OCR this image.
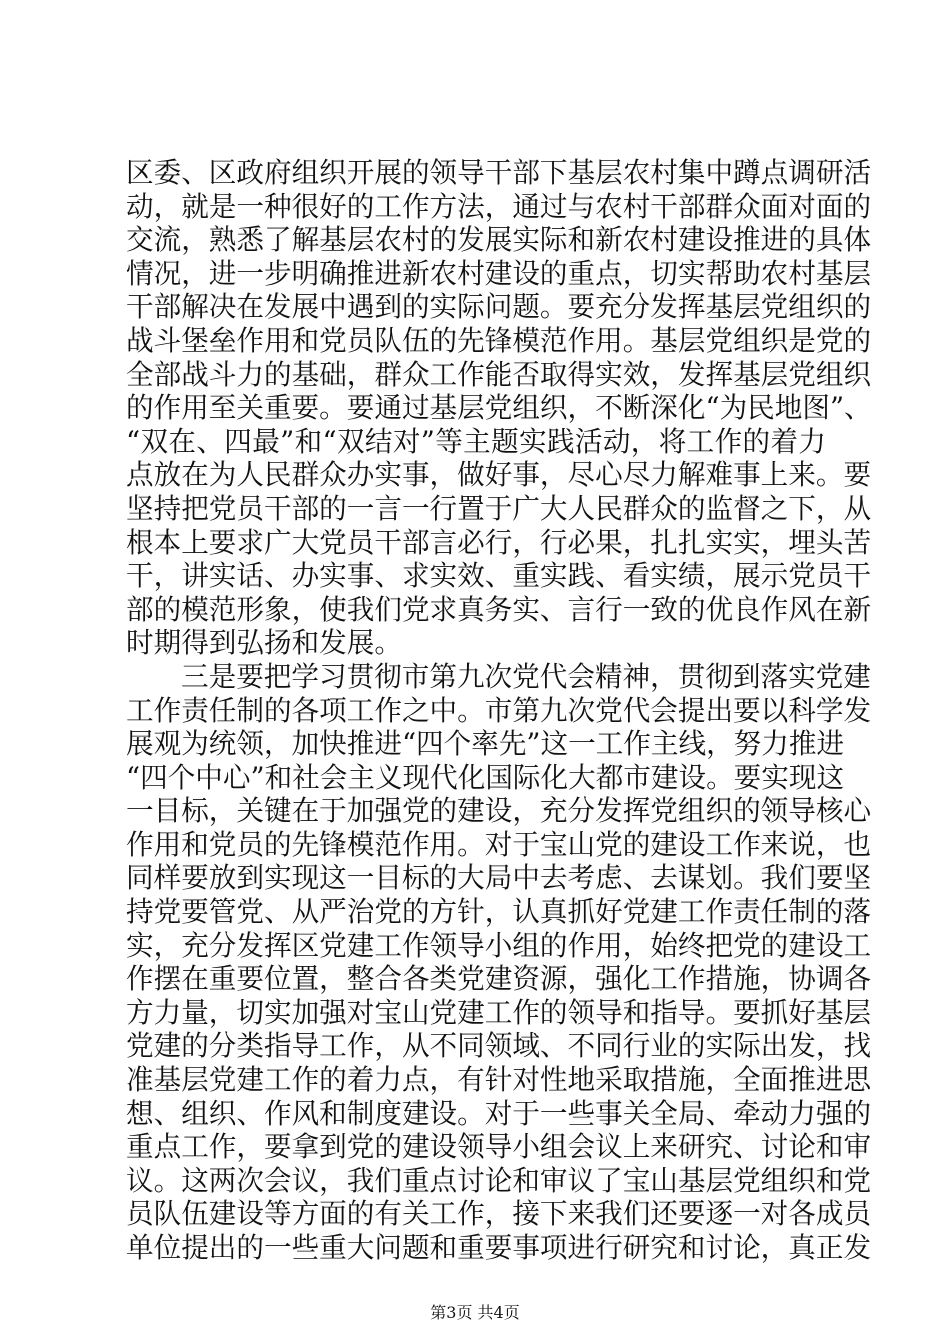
区委、区政府组织开展的领导干部下基层农村集中蹲点调研活
动，就是一种很好的工作方法，通过与农村干部群众面对面的
交流，熟悉了解基层农村的发展实际和新农村建设推进的具体
情况，进一步明确推进新农村建设的重点，切实帮助农村基层
干部解决在发展中遇到的实际问题。要充分发挥基层党组织的
战斗堡垒作用和党员队伍的先锋模范作用。基层党组织是党的
全部战斗力的基础，群众工作能否取得实效，发挥基层党组织
的作用至关重要。要通过基层党组织，不断深化“为民地图”、
“双在、四最”和“双结对”等主题实践活动，将工作的着力
点放在为人民群众办实事，做好事，尽心尽力解难事上来。要
坚持把党员干部的一言一行置于广大人民群众的监督之下，从
根本上要求广大党员干部言必行，行必果，扎扎实实，埋头苦
干，讲实话、办实事、求实效、重实践、看实绩，展示党员干
部的模范形象，使我们党求真务实、言行一致的优良作风在新
时期得到弘扬和发展。
三是要把学习贯彻市第九次党代会精神，贯彻到落实党建
工作责任制的各项工作之中。市第九次党代会提出要以科学发
展观为统领，加快推进“四个率先”这一工作主线，努力推进
“四个中心”和社会主义现代化国际化大都市建设。要实现这
一目标，关键在于加强党的建设，充分发挥党组织的领导核心
作用和党员的先锋模范作用。对于宝山党的建设工作来说，也
同样要放到实现这一目标的大局中去考虑、去谋划。我们要坚
持党要管党、从严治党的方针，认真抓好党建工作责任制的落
实，充分发挥区党建工作领导小组的作用，始终把党的建设工
作摆在重要位置，整合各类党建资源，强化工作措施，协调各
方力量，切实加强对宝山党建工作的领导和指导。要抓好基层
党建的分类指导工作，从不同领域、不同行业的实际出发，找
准基层党建工作的着力点，有针对性地采取措施，全面推进思
想、组织、作风和制度建设。对于一些事关全局、牵动力强的
重点工作，要拿到党的建设领导小组会议上来研究、讨论和审
议。这两次会议，我们重点讨论和审议了宝山基层党组织和党
员队伍建设等方面的有关工作，接下来我们还要逐一对各成员
单位提出的一些重大问题和重要事项进行研究和讨论，真正发
第3页 共4页
